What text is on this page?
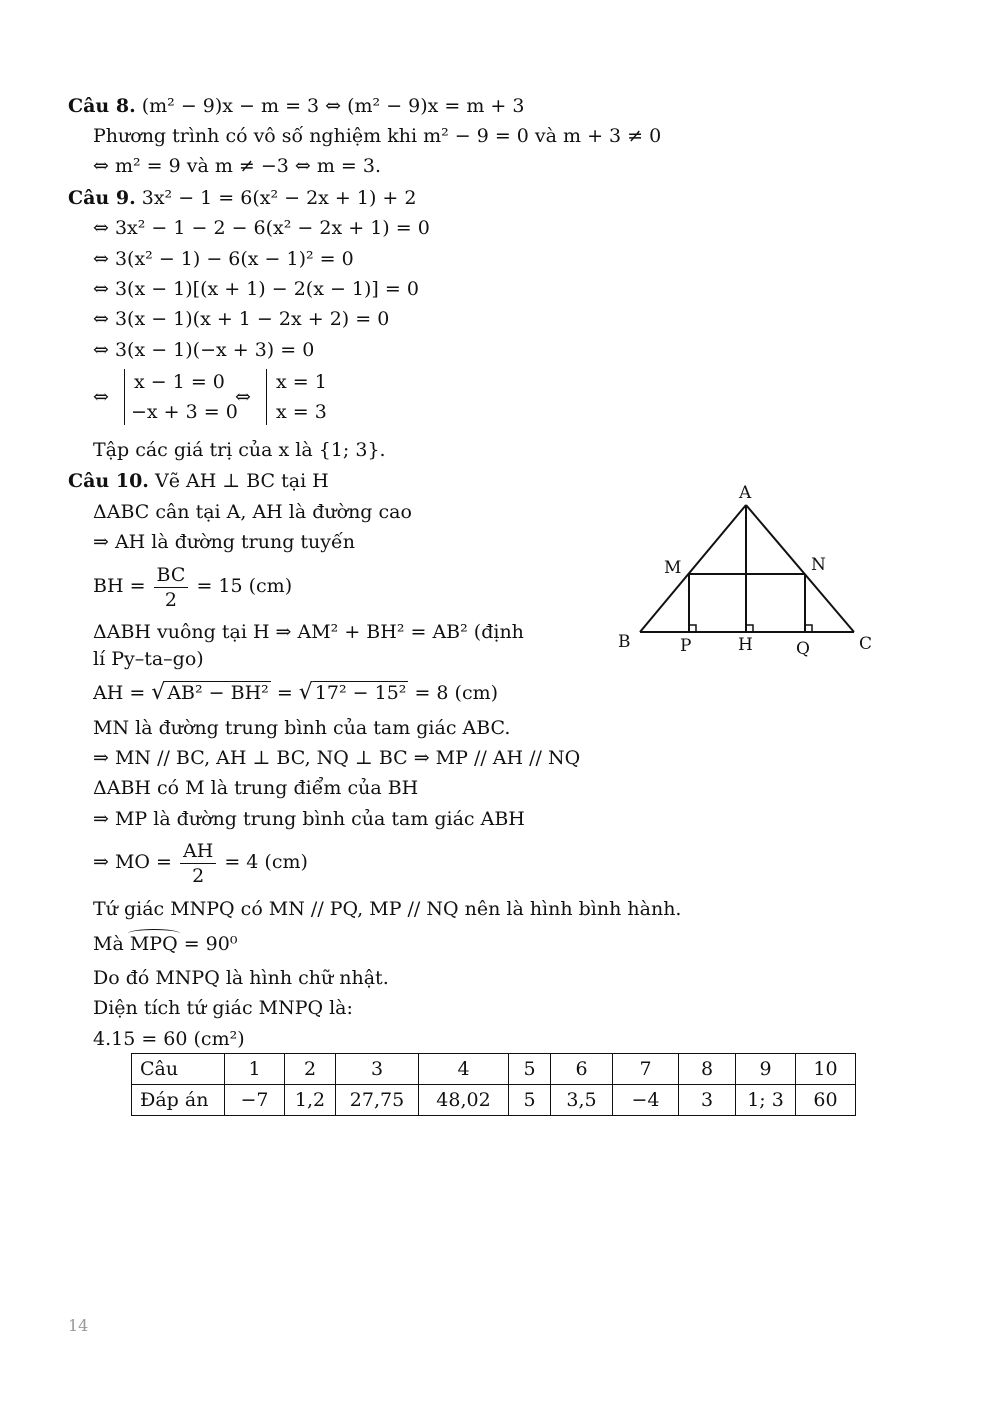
Câu 8. (m² − 9)x − m = 3 ⇔ (m² − 9)x = m + 3
Phương trình có vô số nghiệm khi m² − 9 = 0 và m + 3 ≠ 0
⇔ m² = 9 và m ≠ −3 ⇔ m = 3.
Câu 9. 3x² − 1 = 6(x² − 2x + 1) + 2
⇔ 3x² − 1 − 2 − 6(x² − 2x + 1) = 0
⇔ 3(x² − 1) − 6(x − 1)² = 0
⇔ 3(x − 1)[(x + 1) − 2(x − 1)] = 0
⇔ 3(x − 1)(x + 1 − 2x + 2) = 0
⇔ 3(x − 1)(−x + 3) = 0
⇔
x − 1 = 0
−x + 3 = 0
⇔
x = 1
x = 3
Tập các giá trị của x là {1; 3}.
Câu 10. Vẽ AH ⊥ BC tại H
ΔABC cân tại A, AH là đường cao
⇒ AH là đường trung tuyến
BH = $\frac{BC}{2} = 15$ (cm)
ΔABH vuông tại H ⇒ AM² + BH² = AB² (định
lí Py–ta–go)
AH = √ AB² − BH² = √ 17² − 15² = 8 (cm)
MN là đường trung bình của tam giác ABC.
⇒ MN // BC, AH ⊥ BC, NQ ⊥ BC ⇒ MP // AH // NQ
ΔABH có M là trung điểm của BH
⇒ MP là đường trung bình của tam giác ABH
⇒ MO = $\frac{AH}{2} = 4$ (cm)
Tứ giác MNPQ có MN // PQ, MP // NQ nên là hình bình hành.
Mà MPQ = 90⁰
Do đó MNPQ là hình chữ nhật.
Diện tích tứ giác MNPQ là:
4.15 = 60 (cm²)
A
B	C
H
M	N
P	Q
Câu	1	2	3	4	5	6	7	8	9	10
Đáp án	−7	1,2	27,75	48,02	5	3,5	−4	3	1; 3	60
14
